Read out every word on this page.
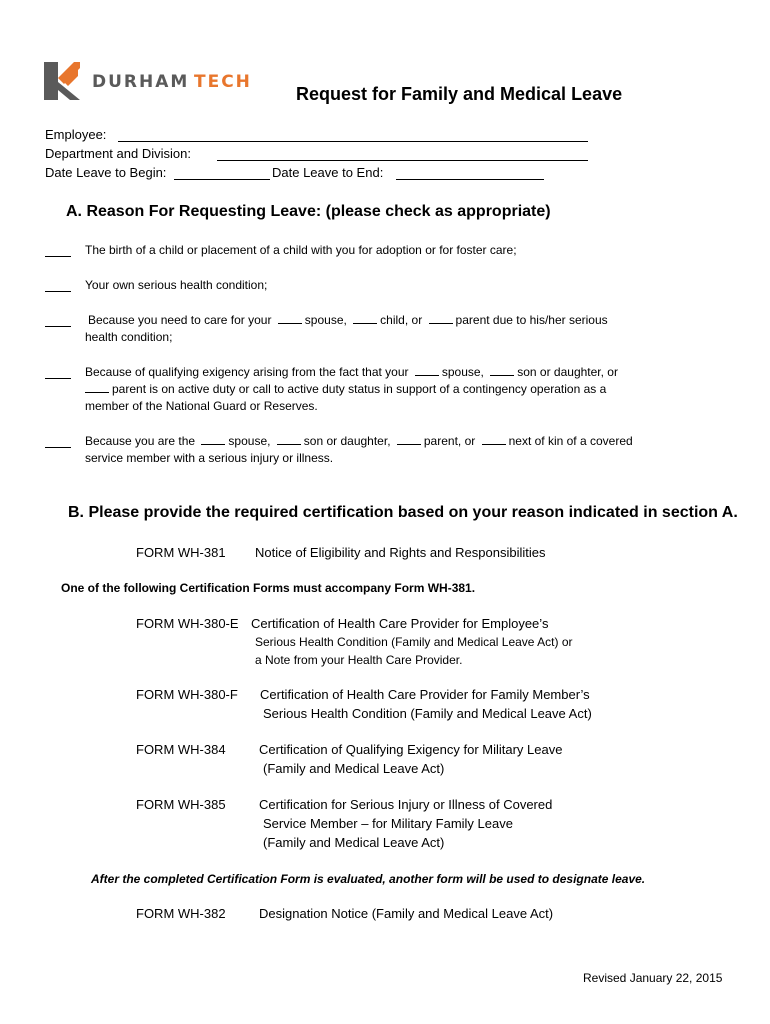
DURHAM TECH
Request for Family and Medical Leave
Employee:
Department and Division:
Date Leave to Begin:	Date Leave to End:
A. Reason For Requesting Leave: (please check as appropriate)
The birth of a child or placement of a child with you for adoption or for foster care;
Your own serious health condition;
Because you need to care for your	spouse,	child, or	parent due to his/her serious
health condition;
Because of qualifying exigency arising from the fact that your	spouse,	son or daughter, or
parent is on active duty or call to active duty status in support of a contingency operation as a
member of the National Guard or Reserves.
Because you are the	spouse,	son or daughter,	parent, or	next of kin of a covered
service member with a serious injury or illness.
B. Please provide the required certification based on your reason indicated in section A.
FORM WH-381 Notice of Eligibility and Rights and Responsibilities
One of the following Certification Forms must accompany Form WH-381.
FORM WH-380-E Certification of Health Care Provider for Employee’s
Serious Health Condition (Family and Medical Leave Act) or
a Note from your Health Care Provider.
FORM WH-380-F Certification of Health Care Provider for Family Member’s
Serious Health Condition (Family and Medical Leave Act)
FORM WH-384	Certification of Qualifying Exigency for Military Leave
(Family and Medical Leave Act)
FORM WH-385	Certification for Serious Injury or Illness of Covered
Service Member – for Military Family Leave
(Family and Medical Leave Act)
After the completed Certification Form is evaluated, another form will be used to designate leave.
FORM WH-382	Designation Notice (Family and Medical Leave Act)
Revised January 22, 2015
